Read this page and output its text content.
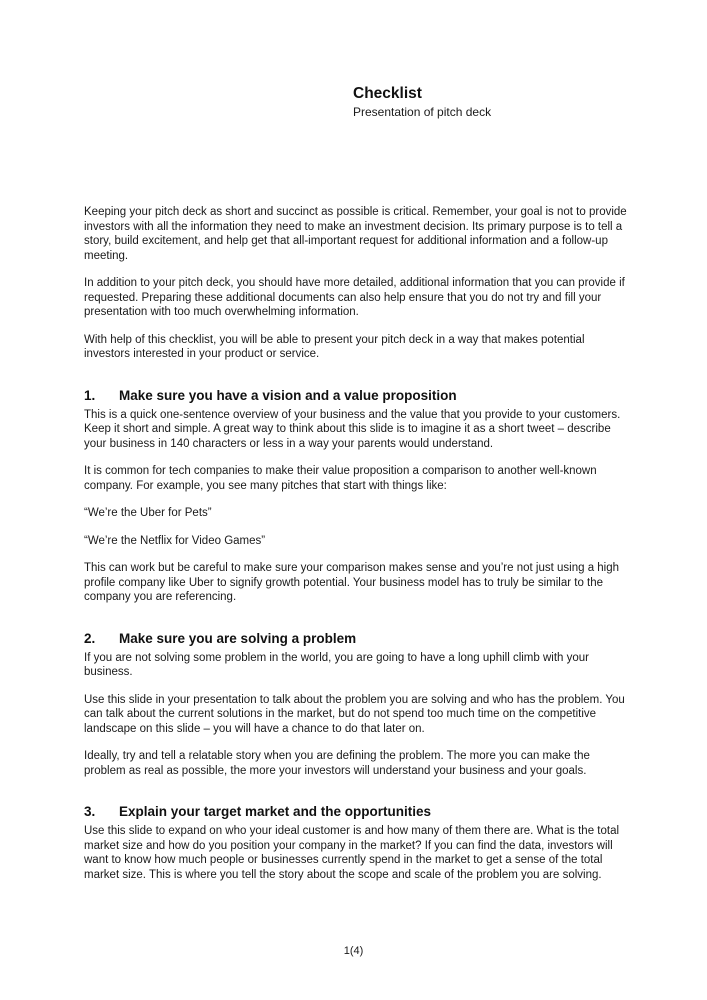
Checklist
Presentation of pitch deck

Keeping your pitch deck as short and succinct as possible is critical. Remember, your goal is not to provide investors with all the information they need to make an investment decision. Its primary purpose is to tell a story, build excitement, and help get that all-important request for additional information and a follow-up meeting.

In addition to your pitch deck, you should have more detailed, additional information that you can provide if requested. Preparing these additional documents can also help ensure that you do not try and fill your presentation with too much overwhelming information.

With help of this checklist, you will be able to present your pitch deck in a way that makes potential investors interested in your product or service.

1. Make sure you have a vision and a value proposition

This is a quick one-sentence overview of your business and the value that you provide to your customers. Keep it short and simple. A great way to think about this slide is to imagine it as a short tweet – describe your business in 140 characters or less in a way your parents would understand.

It is common for tech companies to make their value proposition a comparison to another well-known company. For example, you see many pitches that start with things like:

“We’re the Uber for Pets”

“We’re the Netflix for Video Games”

This can work but be careful to make sure your comparison makes sense and you’re not just using a high profile company like Uber to signify growth potential. Your business model has to truly be similar to the company you are referencing.

2. Make sure you are solving a problem

If you are not solving some problem in the world, you are going to have a long uphill climb with your business.

Use this slide in your presentation to talk about the problem you are solving and who has the problem. You can talk about the current solutions in the market, but do not spend too much time on the competitive landscape on this slide – you will have a chance to do that later on.

Ideally, try and tell a relatable story when you are defining the problem. The more you can make the problem as real as possible, the more your investors will understand your business and your goals.

3. Explain your target market and the opportunities

Use this slide to expand on who your ideal customer is and how many of them there are. What is the total market size and how do you position your company in the market? If you can find the data, investors will want to know how much people or businesses currently spend in the market to get a sense of the total market size. This is where you tell the story about the scope and scale of the problem you are solving.

1(4)
